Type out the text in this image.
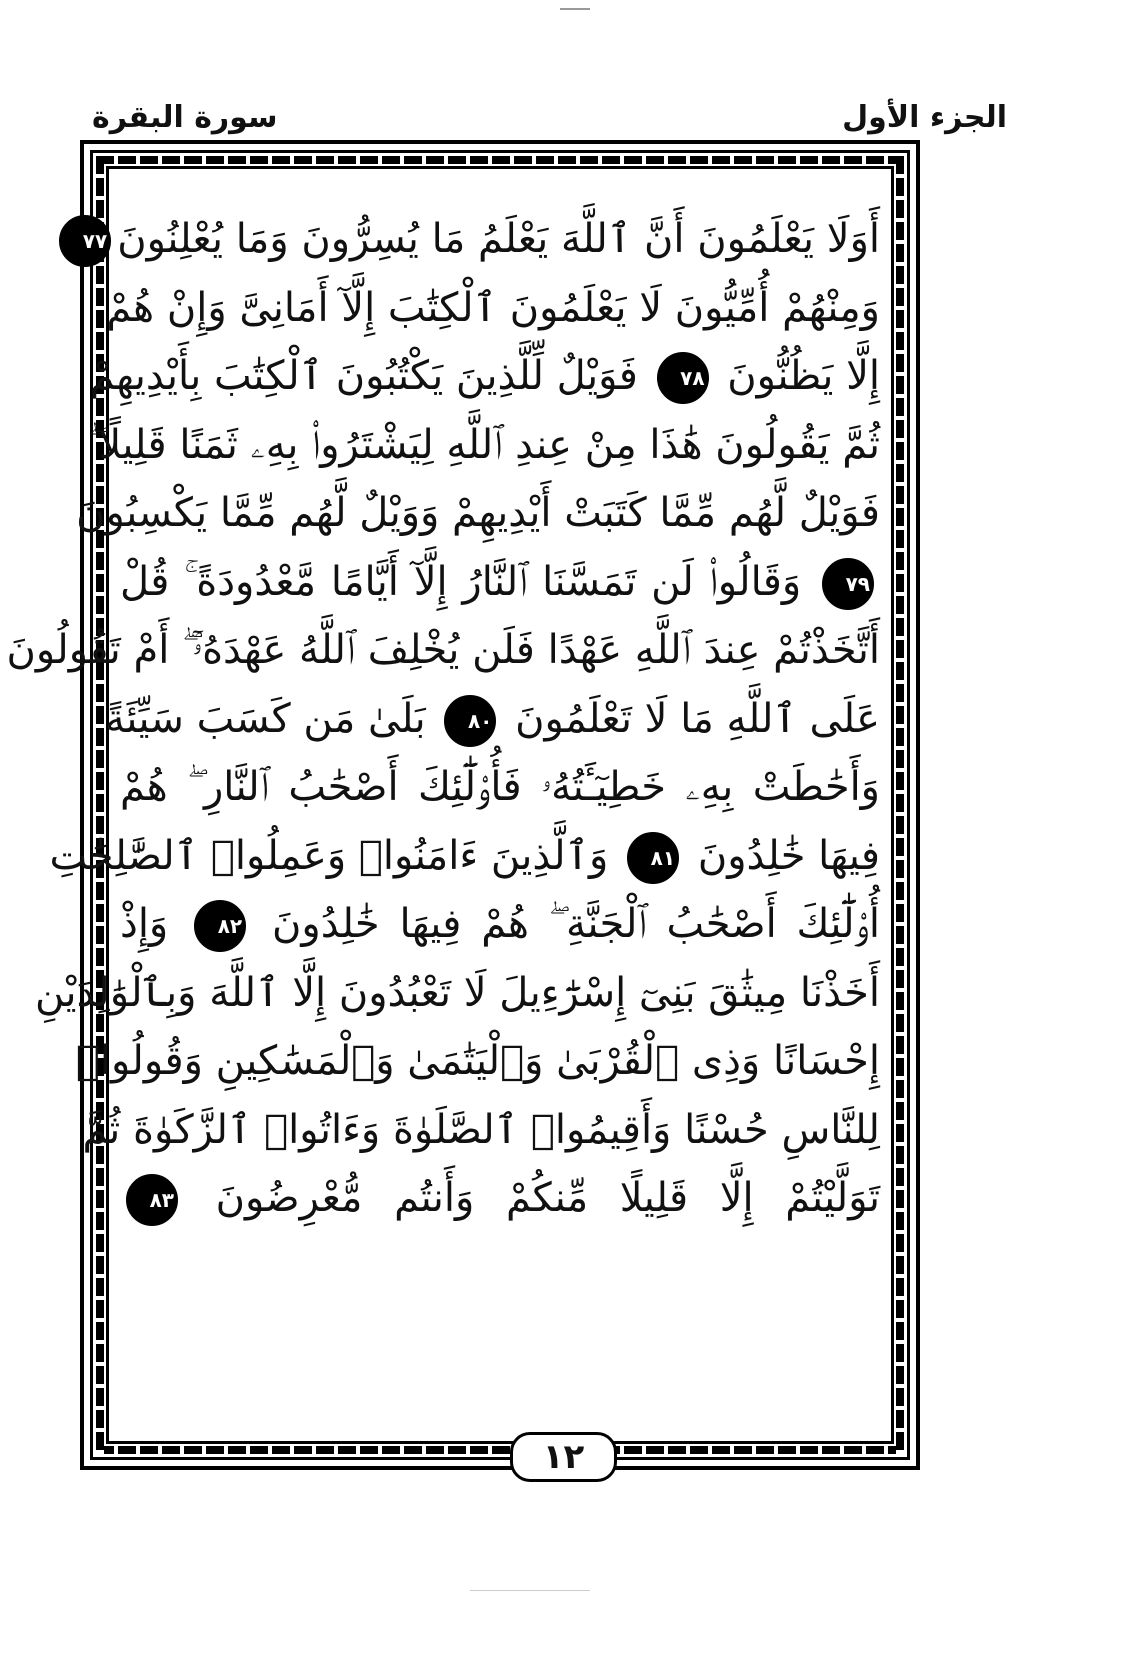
الجزء الأول
سورة البقرة
أَوَلَا يَعْلَمُونَ أَنَّ ٱللَّهَ يَعْلَمُ مَا يُسِرُّونَ وَمَا يُعْلِنُونَ٧٧
وَمِنْهُمْ أُمِّيُّونَ لَا يَعْلَمُونَ ٱلْكِتَٰبَ إِلَّآ أَمَانِىَّ وَإِنْ هُمْ
إِلَّا يَظُنُّونَ ٧٨ فَوَيْلٌ لِّلَّذِينَ يَكْتُبُونَ ٱلْكِتَٰبَ بِأَيْدِيهِمْ
ثُمَّ يَقُولُونَ هَٰذَا مِنْ عِندِ ٱللَّهِ لِيَشْتَرُوا۟ بِهِۦ ثَمَنًا قَلِيلًا ۖ
فَوَيْلٌ لَّهُم مِّمَّا كَتَبَتْ أَيْدِيهِمْ وَوَيْلٌ لَّهُم مِّمَّا يَكْسِبُونَ
٧٩ وَقَالُوا۟ لَن تَمَسَّنَا ٱلنَّارُ إِلَّآ أَيَّامًا مَّعْدُودَةً ۚ قُلْ
أَتَّخَذْتُمْ عِندَ ٱللَّهِ عَهْدًا فَلَن يُخْلِفَ ٱللَّهُ عَهْدَهُۥٓ ۖ أَمْ تَقُولُونَ
عَلَى ٱللَّهِ مَا لَا تَعْلَمُونَ ٨٠ بَلَىٰ مَن كَسَبَ سَيِّئَةً
وَأَحَٰطَتْ بِهِۦ خَطِيٓـَٔتُهُۥ فَأُو۟لَٰٓئِكَ أَصْحَٰبُ ٱلنَّارِ ۖ هُمْ
فِيهَا خَٰلِدُونَ ٨١ وَٱلَّذِينَ ءَامَنُوا۟ وَعَمِلُوا۟ ٱلصَّٰلِحَٰتِ
أُو۟لَٰٓئِكَ أَصْحَٰبُ ٱلْجَنَّةِ ۖ هُمْ فِيهَا خَٰلِدُونَ ٨٢ وَإِذْ
أَخَذْنَا مِيثَٰقَ بَنِىٓ إِسْرَٰٓءِيلَ لَا تَعْبُدُونَ إِلَّا ٱللَّهَ وَبِٱلْوَٰلِدَيْنِ
إِحْسَانًا وَذِى ٱلْقُرْبَىٰ وَٱلْيَتَٰمَىٰ وَٱلْمَسَٰكِينِ وَقُولُوا۟
لِلنَّاسِ حُسْنًا وَأَقِيمُوا۟ ٱلصَّلَوٰةَ وَءَاتُوا۟ ٱلزَّكَوٰةَ ثُمَّ
تَوَلَّيْتُمْ إِلَّا قَلِيلًا مِّنكُمْ وَأَنتُم مُّعْرِضُونَ ٨٣
١٢
